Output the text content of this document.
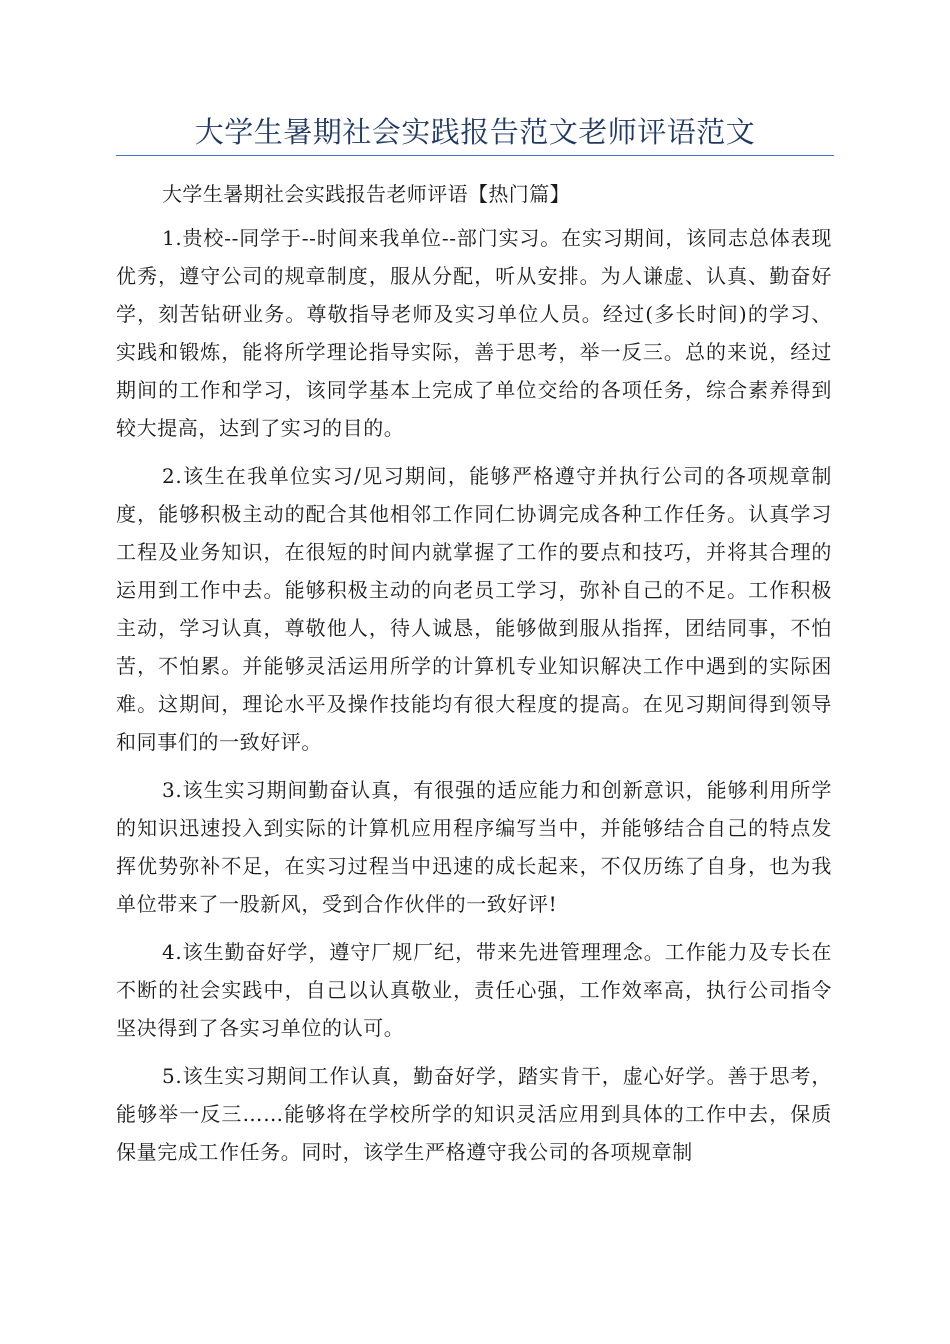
大学生暑期社会实践报告范文老师评语范文

大学生暑期社会实践报告老师评语【热门篇】

1.贵校--同学于--时间来我单位--部门实习。在实习期间，该同志总体表现优秀，遵守公司的规章制度，服从分配，听从安排。为人谦虚、认真、勤奋好学，刻苦钻研业务。尊敬指导老师及实习单位人员。经过(多长时间)的学习、实践和锻炼，能将所学理论指导实际，善于思考，举一反三。总的来说，经过期间的工作和学习，该同学基本上完成了单位交给的各项任务，综合素养得到较大提高，达到了实习的目的。

2.该生在我单位实习/见习期间，能够严格遵守并执行公司的各项规章制度，能够积极主动的配合其他相邻工作同仁协调完成各种工作任务。认真学习工程及业务知识，在很短的时间内就掌握了工作的要点和技巧，并将其合理的运用到工作中去。能够积极主动的向老员工学习，弥补自己的不足。工作积极主动，学习认真，尊敬他人，待人诚恳，能够做到服从指挥，团结同事，不怕苦，不怕累。并能够灵活运用所学的计算机专业知识解决工作中遇到的实际困难。这期间，理论水平及操作技能均有很大程度的提高。在见习期间得到领导和同事们的一致好评。

3.该生实习期间勤奋认真，有很强的适应能力和创新意识，能够利用所学的知识迅速投入到实际的计算机应用程序编写当中，并能够结合自己的特点发挥优势弥补不足，在实习过程当中迅速的成长起来，不仅历练了自身，也为我单位带来了一股新风，受到合作伙伴的一致好评!

4.该生勤奋好学，遵守厂规厂纪，带来先进管理理念。工作能力及专长在不断的社会实践中，自己以认真敬业，责任心强，工作效率高，执行公司指令坚决得到了各实习单位的认可。

5.该生实习期间工作认真，勤奋好学，踏实肯干，虚心好学。善于思考，能够举一反三……能够将在学校所学的知识灵活应用到具体的工作中去，保质保量完成工作任务。同时，该学生严格遵守我公司的各项规章制
